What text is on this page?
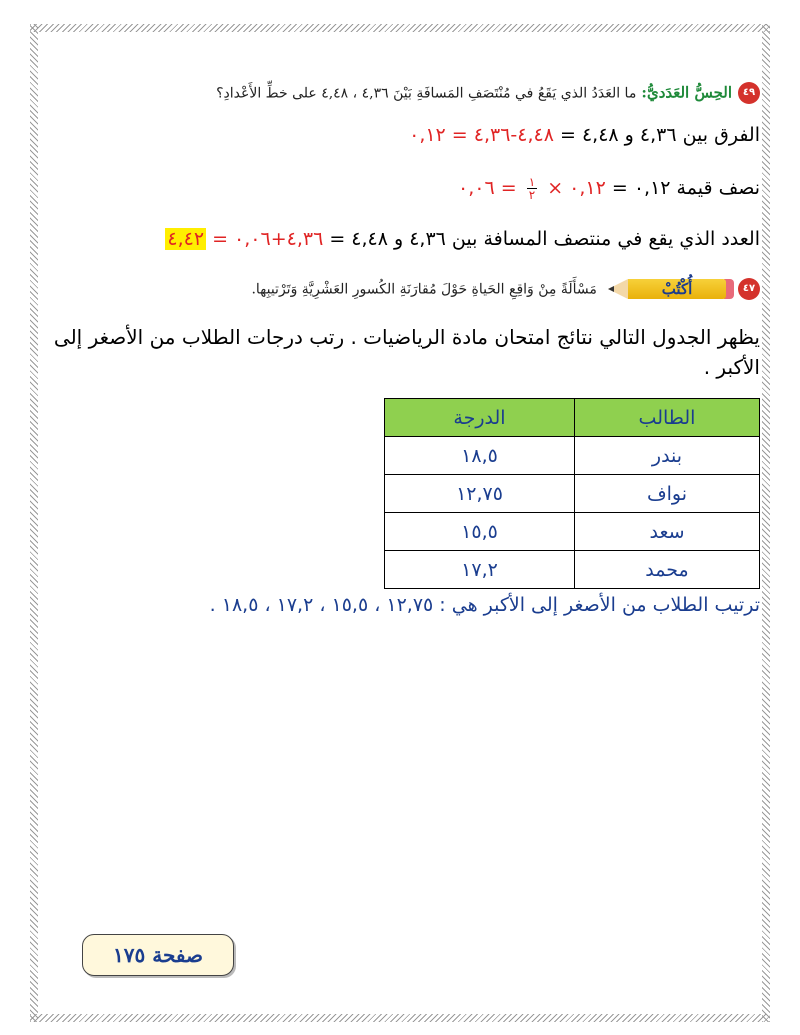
٤٩الحِسُّ العَدَديُّ: ما العَدَدُ الذي يَقَعُ في مُنْتَصَفِ المَسافَةِ بَيْنَ ٤,٣٦ ، ٤,٤٨ على خطِّ الأَعْدادِ؟
الفرق بين ٤,٣٦ و ٤,٤٨ = ٤,٤٨-٤,٣٦ = ٠,١٢
نصف قيمة ٠,١٢ = ٠,١٢ ×
$\frac{١}{٢}$
= ٠,٠٦
العدد الذي يقع في منتصف المسافة بين ٤,٣٦ و ٤,٤٨ = ٤,٣٦+٠,٠٦ = ٤,٤٢
٤٧
أُكْتُبْ
مَسْأَلَةً مِنْ وَاقِعِ الحَياةِ حَوْلَ مُقارَنَةِ الكُسورِ العَشْرِيَّةِ وَتَرْتيبِها.
يظهر الجدول التالي نتائج امتحان مادة الرياضيات . رتب درجات الطلاب من الأصغر إلى الأكبر .
الطالب	الدرجة
بندر	١٨,٥
نواف	١٢,٧٥
سعد	١٥,٥
محمد	١٧,٢
ترتيب الطلاب من الأصغر إلى الأكبر هي : ١٢,٧٥ ، ١٥,٥ ، ١٧,٢ ، ١٨,٥ .
صفحة ١٧٥
